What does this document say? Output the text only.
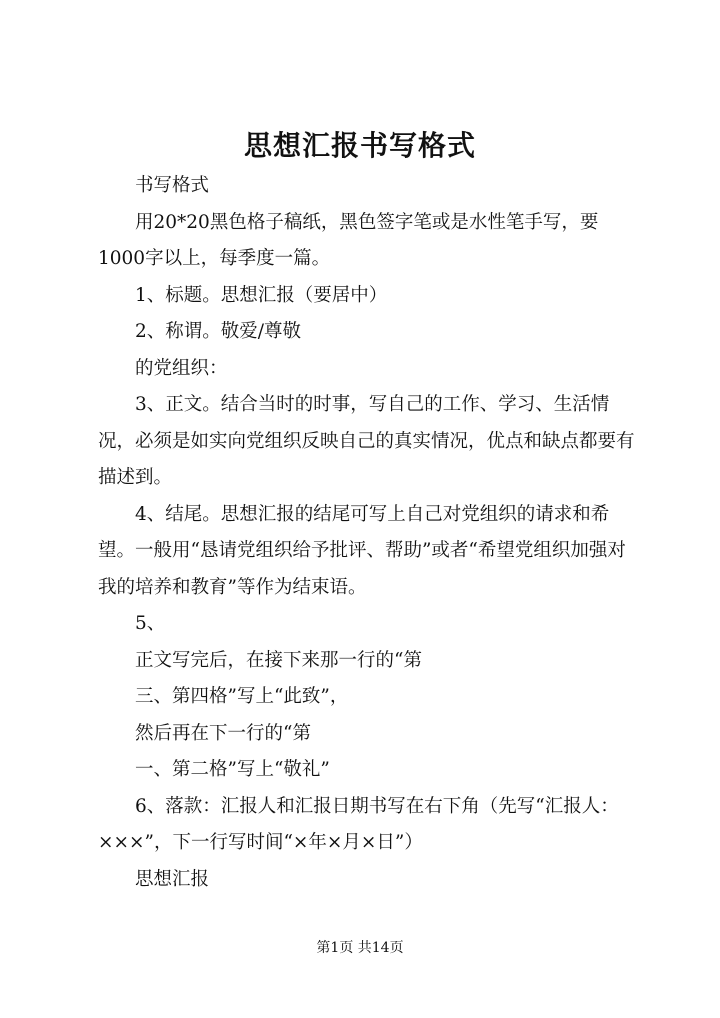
思想汇报书写格式

书写格式

用20*20黑色格子稿纸，黑色签字笔或是水性笔手写，要1000字以上，每季度一篇。

1、标题。思想汇报（要居中）

2、称谓。敬爱/尊敬

的党组织：

3、正文。结合当时的时事，写自己的工作、学习、生活情况，必须是如实向党组织反映自己的真实情况，优点和缺点都要有描述到。

4、结尾。思想汇报的结尾可写上自己对党组织的请求和希望。一般用“恳请党组织给予批评、帮助”或者“希望党组织加强对我的培养和教育”等作为结束语。

5、

正文写完后，在接下来那一行的“第

三、第四格”写上“此致”，

然后再在下一行的“第

一、第二格”写上“敬礼”

6、落款：汇报人和汇报日期书写在右下角（先写“汇报人：×××”，下一行写时间“×年×月×日”）

思想汇报

第1页 共14页
